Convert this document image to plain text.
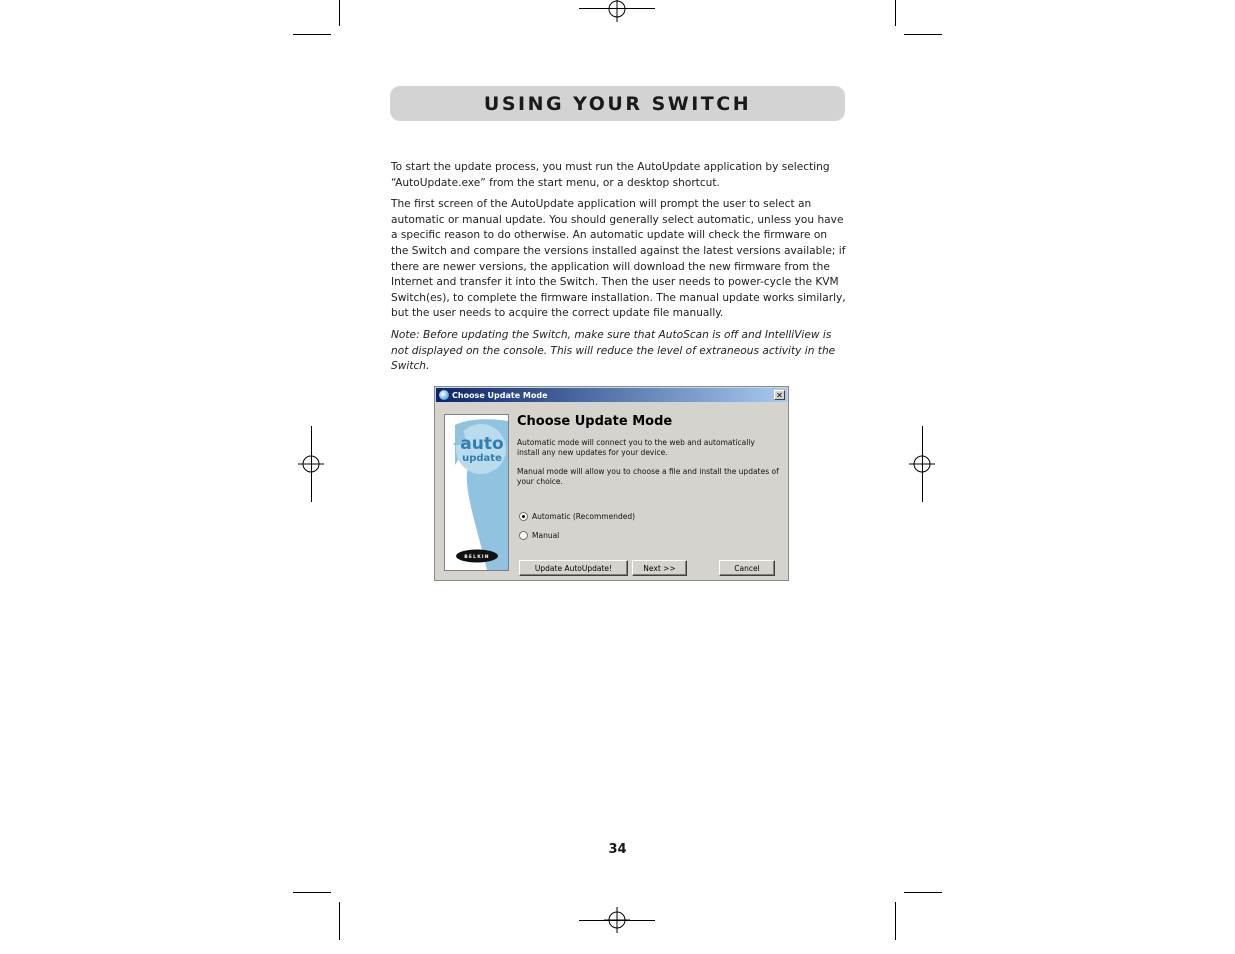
USING YOUR SWITCH

To start the update process, you must run the AutoUpdate application by selecting “AutoUpdate.exe” from the start menu, or a desktop shortcut.

The first screen of the AutoUpdate application will prompt the user to select an automatic or manual update. You should generally select automatic, unless you have a specific reason to do otherwise. An automatic update will check the firmware on the Switch and compare the versions installed against the latest versions available; if there are newer versions, the application will download the new firmware from the Internet and transfer it into the Switch. Then the user needs to power-cycle the KVM Switch(es), to complete the firmware installation. The manual update works similarly, but the user needs to acquire the correct update file manually.

Note: Before updating the Switch, make sure that AutoScan is off and IntelliView is not displayed on the console. This will reduce the level of extraneous activity in the Switch.

Choose Update Mode	✕
auto
update
BELKIN
Choose Update Mode
Automatic mode will connect you to the web and automatically install any new updates for your device.
Manual mode will allow you to choose a file and install the updates of your choice.
Automatic (Recommended)
Manual
Update AutoUpdate!	Next >>	Cancel
34
